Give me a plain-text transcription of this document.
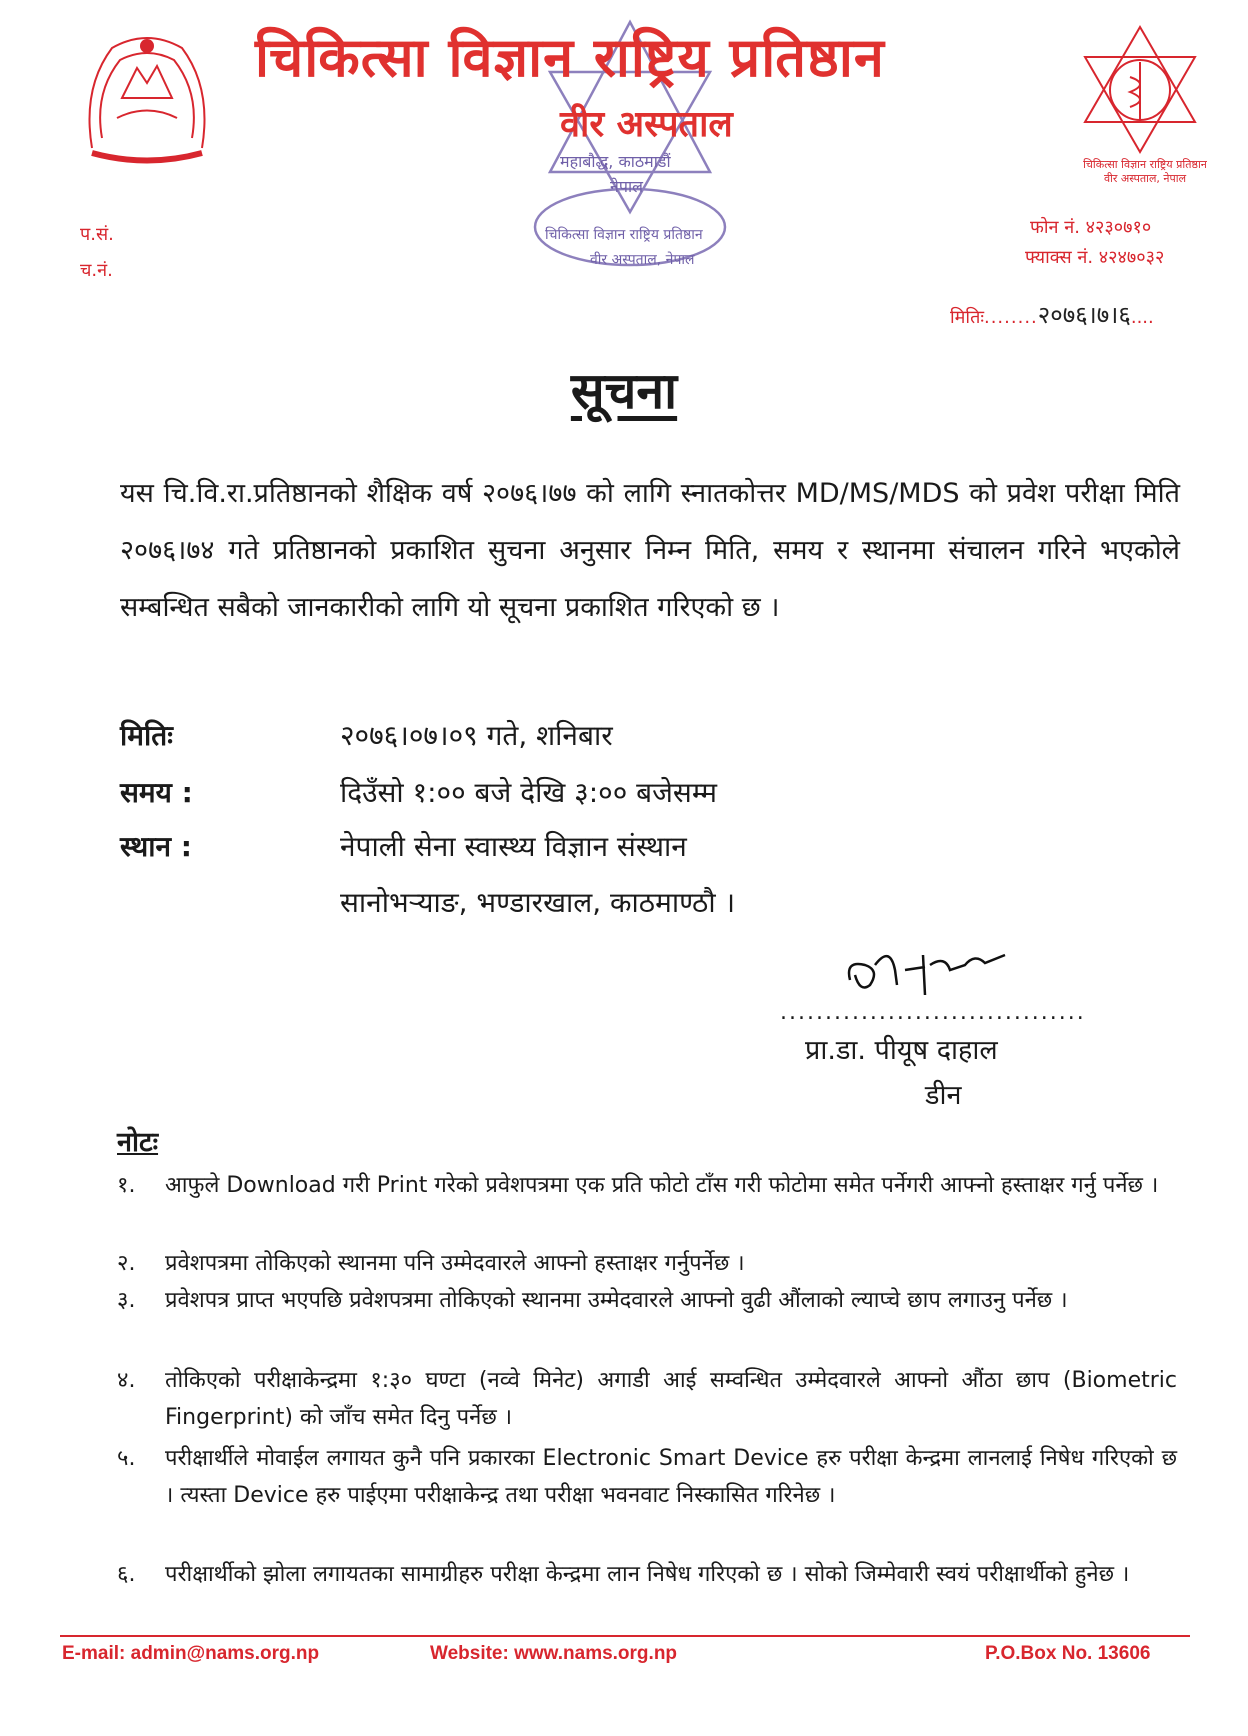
महाबौद्ध, काठमाडौं
नेपाल
चिकित्सा विज्ञान राष्ट्रिय प्रतिष्ठान
वीर अस्पताल, नेपाल
चिकित्सा विज्ञान राष्ट्रिय प्रतिष्ठान वीर अस्पताल, नेपाल
चिकित्सा विज्ञान राष्ट्रिय प्रतिष्ठान
वीर अस्पताल
प.सं.
च.नं.
फोन नं. ४२३०७१०
फ्याक्स नं. ४२४७०३२
मितिः........२०७६।७।६....
सूचना
यस चि.वि.रा.प्रतिष्ठानको शैक्षिक वर्ष २०७६।७७ को लागि स्नातकोत्तर MD/MS/MDS को प्रवेश परीक्षा मिति २०७६।७४ गते प्रतिष्ठानको प्रकाशित सुचना अनुसार निम्न मिति, समय र स्थानमा संचालन गरिने भएकोले सम्बन्धित सबैको जानकारीको लागि यो सूचना प्रकाशित गरिएको छ ।
मितिः	२०७६।०७।०९ गते, शनिबार
समय :	दिउँसो १:०० बजे देखि ३:०० बजेसम्म
स्थान :	नेपाली सेना स्वास्थ्य विज्ञान संस्थान
सानोभर्‍याङ, भण्डारखाल, काठमाण्ठौ ।
..................................
प्रा.डा. पीयूष दाहाल
डीन
नोटः
१.	आफुले Download गरी Print गरेको प्रवेशपत्रमा एक प्रति फोटो टाँस गरी फोटोमा समेत पर्नेगरी आफ्नो हस्ताक्षर गर्नु पर्नेछ ।
२.	प्रवेशपत्रमा तोकिएको स्थानमा पनि उम्मेदवारले आफ्नो हस्ताक्षर गर्नुपर्नेछ ।
३.	प्रवेशपत्र प्राप्त भएपछि प्रवेशपत्रमा तोकिएको स्थानमा उम्मेदवारले आफ्नो वुढी औंलाको ल्याप्चे छाप लगाउनु पर्नेछ ।
४.	तोकिएको परीक्षाकेन्द्रमा १:३० घण्टा (नव्वे मिनेट) अगाडी आई सम्वन्धित उम्मेदवारले आफ्नो औंठा छाप (Biometric Fingerprint) को जाँच समेत दिनु पर्नेछ ।
५.	परीक्षार्थीले मोवाईल लगायत कुनै पनि प्रकारका Electronic Smart Device हरु परीक्षा केन्द्रमा लानलाई निषेध गरिएको छ । त्यस्ता Device हरु पाईएमा परीक्षाकेन्द्र तथा परीक्षा भवनवाट निस्कासित गरिनेछ ।
६.	परीक्षार्थीको झोला लगायतका सामाग्रीहरु परीक्षा केन्द्रमा लान निषेध गरिएको छ । सोको जिम्मेवारी स्वयं परीक्षार्थीको हुनेछ ।
E-mail: admin@nams.org.np	Website: www.nams.org.np	P.O.Box No. 13606
